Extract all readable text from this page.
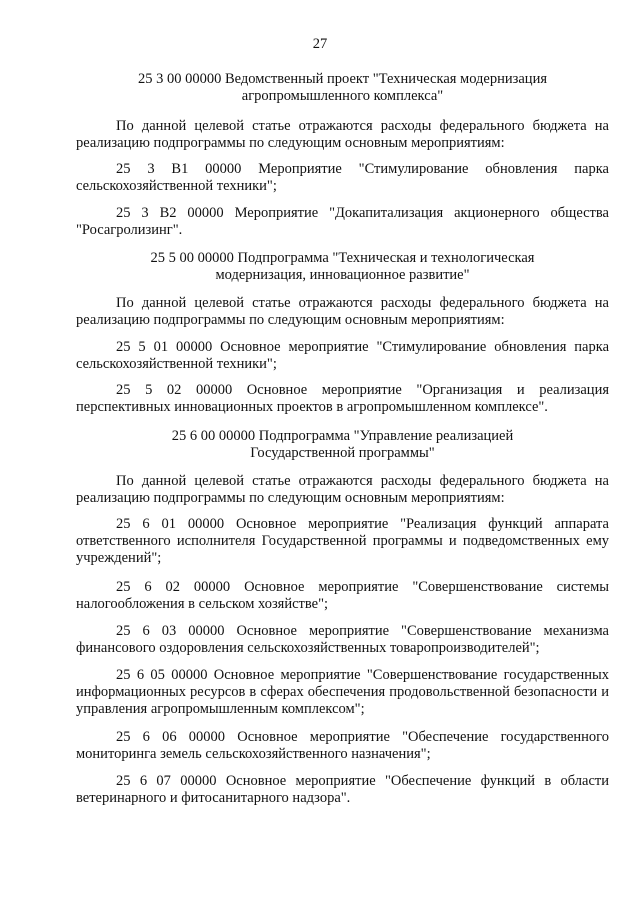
27

25 3 00 00000 Ведомственный проект "Техническая модернизация агропромышленного комплекса"

По данной целевой статье отражаются расходы федерального бюджета на реализацию подпрограммы по следующим основным мероприятиям:

25 3 В1 00000 Мероприятие "Стимулирование обновления парка сельскохозяйственной техники";

25 3 В2 00000 Мероприятие "Докапитализация акционерного общества "Росагролизинг".

25 5 00 00000 Подпрограмма "Техническая и технологическая модернизация, инновационное развитие"

По данной целевой статье отражаются расходы федерального бюджета на реализацию подпрограммы по следующим основным мероприятиям:

25 5 01 00000 Основное мероприятие "Стимулирование обновления парка сельскохозяйственной техники";

25 5 02 00000 Основное мероприятие "Организация и реализация перспективных инновационных проектов в агропромышленном комплексе".

25 6 00 00000 Подпрограмма "Управление реализацией Государственной программы"

По данной целевой статье отражаются расходы федерального бюджета на реализацию подпрограммы по следующим основным мероприятиям:

25 6 01 00000 Основное мероприятие "Реализация функций аппарата ответственного исполнителя Государственной программы и подведомственных ему учреждений";

25 6 02 00000 Основное мероприятие "Совершенствование системы налогообложения в сельском хозяйстве";

25 6 03 00000 Основное мероприятие "Совершенствование механизма финансового оздоровления сельскохозяйственных товаропроизводителей";

25 6 05 00000 Основное мероприятие "Совершенствование государственных информационных ресурсов в сферах обеспечения продовольственной безопасности и управления агропромышленным комплексом";

25 6 06 00000 Основное мероприятие "Обеспечение государственного мониторинга земель сельскохозяйственного назначения";

25 6 07 00000 Основное мероприятие "Обеспечение функций в области ветеринарного и фитосанитарного надзора".
